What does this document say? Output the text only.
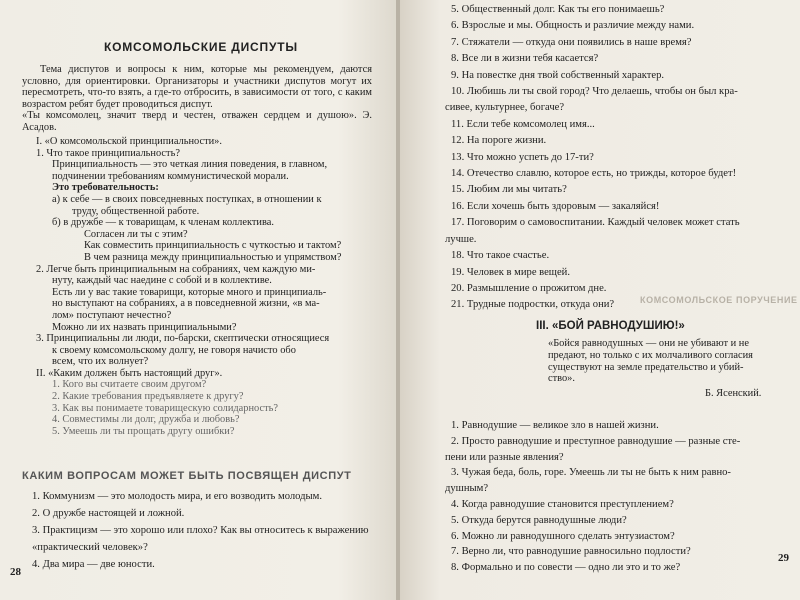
КОМСОМОЛЬСКИЕ ДИСПУТЫ

Тема диспутов и вопросы к ним, которые мы рекомендуем, даются условно, для ориентировки. Организаторы и участники диспутов могут их пересмотреть, что-то взять, а где-то отбросить, в зависимости от того, с каким возрастом ребят будет проводиться диспут.

«Ты комсомолец, значит тверд и честен, отважен сердцем и душою». Э. Асадов.

I. «О комсомольской принципиальности».
1. Что такое принципиальность?
Принципиальность — это четкая линия поведения, в главном,
подчинении требованиям коммунистической морали.
Это требовательность:
а) к себе — в своих повседневных поступках, в отношении к
труду, общественной работе.
б) в дружбе — к товарищам, к членам коллектива.
Согласен ли ты с этим?
Как совместить принципиальность с чуткостью и тактом?
В чем разница между принципиальностью и упрямством?
2. Легче быть принципиальным на собраниях, чем каждую ми-
нуту, каждый час наедине с собой и в коллективе.
Есть ли у вас такие товарищи, которые много и принципиаль-
но выступают на собраниях, а в повседневной жизни, «в ма-
лом» поступают нечестно?
Можно ли их назвать принципиальными?
3. Принципиальны ли люди, по-барски, скептически относящиеся
к своему комсомольскому долгу, не говоря начисто обо
всем, что их волнует?
II. «Каким должен быть настоящий друг».
1. Кого вы считаете своим другом?
2. Какие требования предъявляете к другу?
3. Как вы понимаете товарищескую солидарность?
4. Совместимы ли долг, дружба и любовь?
5. Умеешь ли ты прощать другу ошибки?
КАКИМ ВОПРОСАМ МОЖЕТ БЫТЬ ПОСВЯЩЕН ДИСПУТ
1. Коммунизм — это молодость мира, и его возводить молодым.
2. О дружбе настоящей и ложной.
3. Практицизм — это хорошо или плохо? Как вы относитесь к выражению «практический человек»?
4. Два мира — две юности.
28
5. Общественный долг. Как ты его понимаешь?
6. Взрослые и мы. Общность и различие между нами.
7. Стяжатели — откуда они появились в наше время?
8. Все ли в жизни тебя касается?
9. На повестке дня твой собственный характер.
10. Любишь ли ты свой город? Что делаешь, чтобы он был кра-
сивее, культурнее, богаче?
11. Если тебе комсомолец имя...
12. На пороге жизни.
13. Что можно успеть до 17-ти?
14. Отечество славлю, которое есть, но трижды, которое будет!
15. Любим ли мы читать?
16. Если хочешь быть здоровым — закаляйся!
17. Поговорим о самовоспитании. Каждый человек может стать
лучше.
18. Что такое счастье.
19. Человек в мире вещей.
20. Размышление о прожитом дне.
21. Трудные подростки, откуда они?	КОМСОМОЛЬСКОЕ ПОРУЧЕНИЕ
III. «БОЙ РАВНОДУШИЮ!»
«Бойся равнодушных — они не убивают и не
предают, но только с их молчаливого согласия
существуют на земле предательство и убий-
ство».
Б. Ясенский.
1. Равнодушие — великое зло в нашей жизни.
2. Просто равнодушие и преступное равнодушие — разные сте-
пени или разные явления?
3. Чужая беда, боль, горе. Умеешь ли ты не быть к ним равно-
душным?
4. Когда равнодушие становится преступлением?
5. Откуда берутся равнодушные люди?
6. Можно ли равнодушного сделать энтузиастом?
7. Верно ли, что равнодушие равносильно подлости?
8. Формально и по совести — одно ли это и то же?
29
